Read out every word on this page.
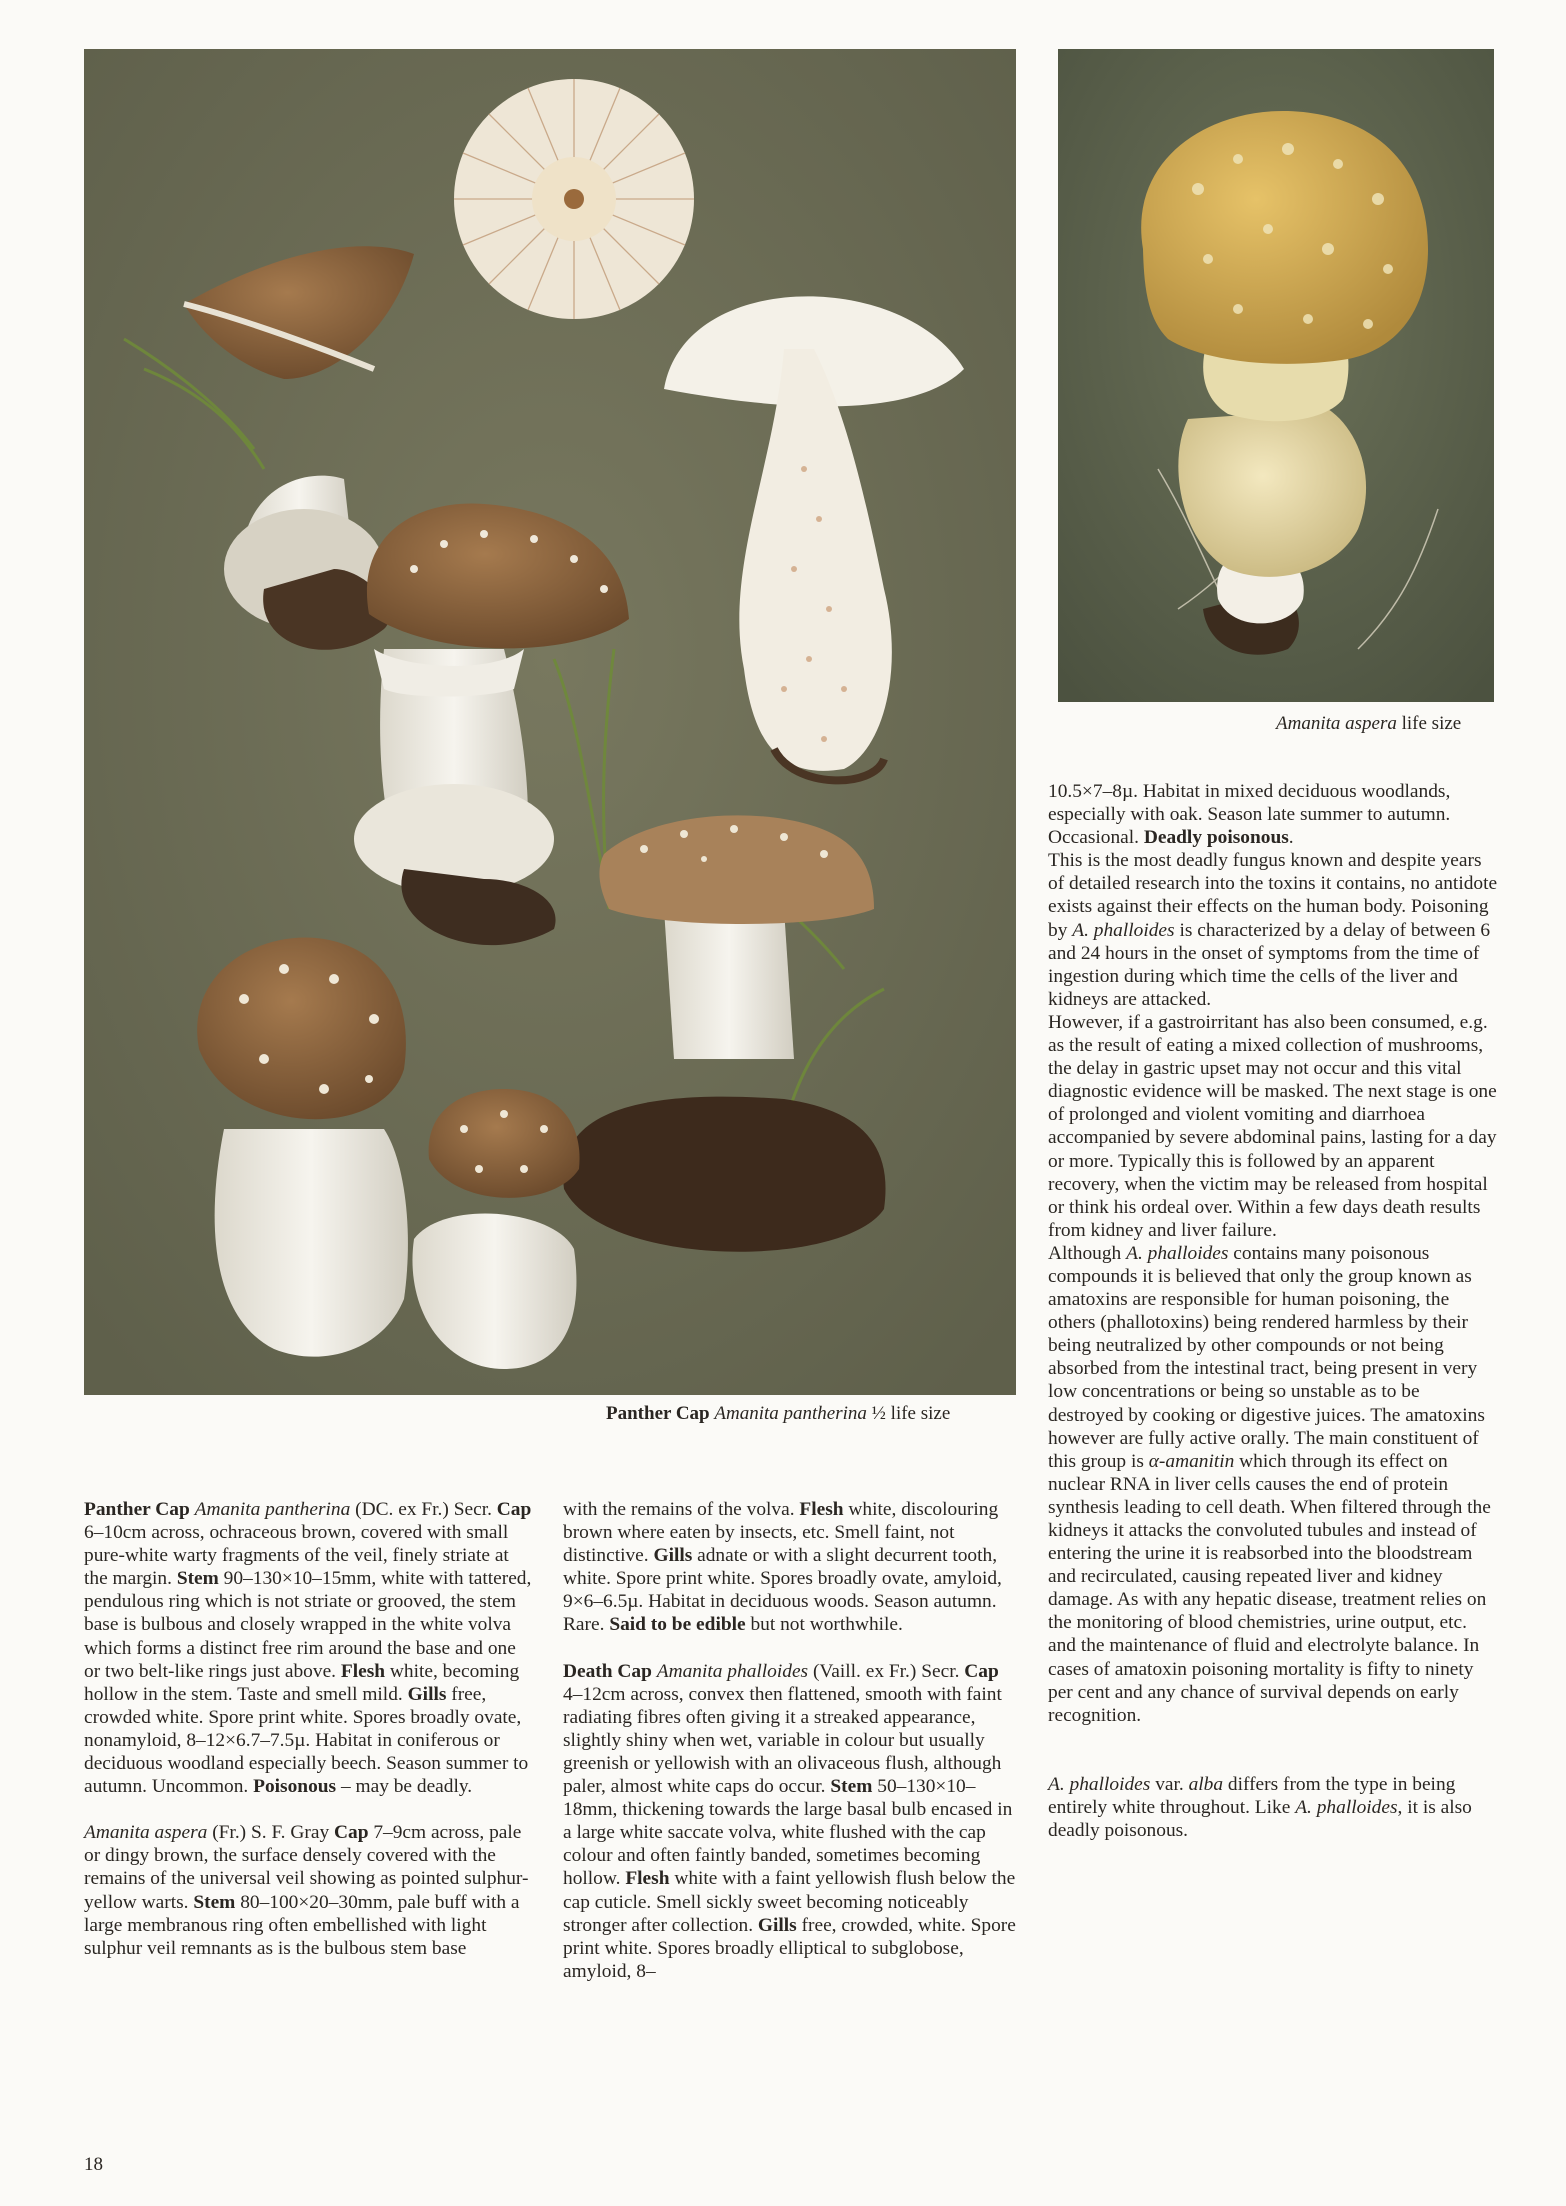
Panther Cap Amanita pantherina ½ life size
Amanita aspera life size

Panther Cap Amanita pantherina (DC. ex Fr.) Secr. Cap 6–10cm across, ochraceous brown, covered with small pure-white warty fragments of the veil, finely striate at the margin. Stem 90–130×10–15mm, white with tattered, pendulous ring which is not striate or grooved, the stem base is bulbous and closely wrapped in the white volva which forms a distinct free rim around the base and one or two belt-like rings just above. Flesh white, becoming hollow in the stem. Taste and smell mild. Gills free, crowded white. Spore print white. Spores broadly ovate, nonamyloid, 8–12×6.7–7.5µ. Habitat in coniferous or deciduous woodland especially beech. Season summer to autumn. Uncommon. Poisonous – may be deadly.

Amanita aspera (Fr.) S. F. Gray Cap 7–9cm across, pale or dingy brown, the surface densely covered with the remains of the universal veil showing as pointed sulphur-yellow warts. Stem 80–100×20–30mm, pale buff with a large membranous ring often embellished with light sulphur veil remnants as is the bulbous stem base

with the remains of the volva. Flesh white, discolouring brown where eaten by insects, etc. Smell faint, not distinctive. Gills adnate or with a slight decurrent tooth, white. Spore print white. Spores broadly ovate, amyloid, 9×6–6.5µ. Habitat in deciduous woods. Season autumn. Rare. Said to be edible but not worthwhile.

Death Cap Amanita phalloides (Vaill. ex Fr.) Secr. Cap 4–12cm across, convex then flattened, smooth with faint radiating fibres often giving it a streaked appearance, slightly shiny when wet, variable in colour but usually greenish or yellowish with an olivaceous flush, although paler, almost white caps do occur. Stem 50–130×10–18mm, thickening towards the large basal bulb encased in a large white saccate volva, white flushed with the cap colour and often faintly banded, sometimes becoming hollow. Flesh white with a faint yellowish flush below the cap cuticle. Smell sickly sweet becoming noticeably stronger after collection. Gills free, crowded, white. Spore print white. Spores broadly elliptical to subglobose, amyloid, 8–

10.5×7–8µ. Habitat in mixed deciduous woodlands, especially with oak. Season late summer to autumn. Occasional. Deadly poisonous.

This is the most deadly fungus known and despite years of detailed research into the toxins it contains, no antidote exists against their effects on the human body. Poisoning by A. phalloides is characterized by a delay of between 6 and 24 hours in the onset of symptoms from the time of ingestion during which time the cells of the liver and kidneys are attacked.

However, if a gastroirritant has also been consumed, e.g. as the result of eating a mixed collection of mushrooms, the delay in gastric upset may not occur and this vital diagnostic evidence will be masked. The next stage is one of prolonged and violent vomiting and diarrhoea accompanied by severe abdominal pains, lasting for a day or more. Typically this is followed by an apparent recovery, when the victim may be released from hospital or think his ordeal over. Within a few days death results from kidney and liver failure.

Although A. phalloides contains many poisonous compounds it is believed that only the group known as amatoxins are responsible for human poisoning, the others (phallotoxins) being rendered harmless by their being neutralized by other compounds or not being absorbed from the intestinal tract, being present in very low concentrations or being so unstable as to be destroyed by cooking or digestive juices. The amatoxins however are fully active orally. The main constituent of this group is α-amanitin which through its effect on nuclear RNA in liver cells causes the end of protein synthesis leading to cell death. When filtered through the kidneys it attacks the convoluted tubules and instead of entering the urine it is reabsorbed into the bloodstream and recirculated, causing repeated liver and kidney damage. As with any hepatic disease, treatment relies on the monitoring of blood chemistries, urine output, etc. and the maintenance of fluid and electrolyte balance. In cases of amatoxin poisoning mortality is fifty to ninety per cent and any chance of survival depends on early recognition.

A. phalloides var. alba differs from the type in being entirely white throughout. Like A. phalloides, it is also deadly poisonous.

18
